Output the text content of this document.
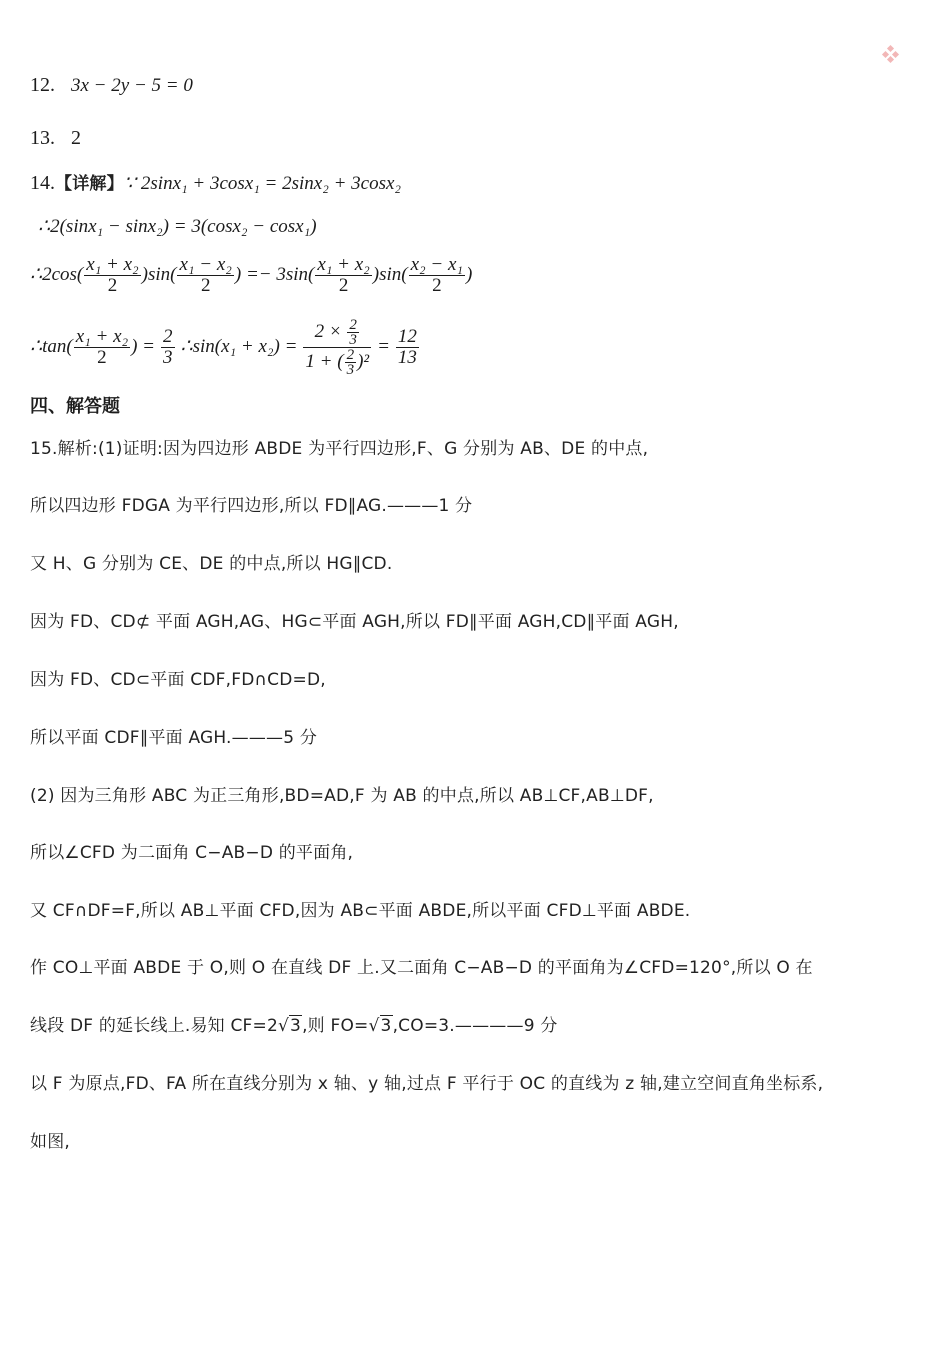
12. 3x − 2y − 5 = 0
13. 2
14.【详解】∵ 2sinx₁ + 3cosx₁ = 2sinx₂ + 3cosx₂
∴2(sinx₁ − sinx₂) = 3(cosx₂ − cosx₁)
∴2cos( $\frac{\text{x₁ + x₂}}{2} )\sin( \frac{\text{x₁ − x₂}}{2}$ ) =− $3\sin( \frac{\text{x₁ + x₂}}{2} )\sin( \frac{\text{x₂ − x₁}}{2}$ )
∴tan( $\frac{\text{x₁ + x₂}}{2}$ ) = $\frac{2}{3}$ ∴sin(x₁ + $x_2) = \frac{2 \times \frac{2}{3}}{1 + ( \frac{2}{3} )^2} = \frac{12}{13}$
四、解答题
15.解析:(1)证明:因为四边形 ABDE 为平行四边形,F、G 分别为 AB、DE 的中点,
所以四边形 FDGA 为平行四边形,所以 FD∥AG.———1 分
又 H、G 分别为 CE、DE 的中点,所以 HG∥CD.
因为 FD、CD⊄ 平面 AGH,AG、HG⊂平面 AGH,所以 FD∥平面 AGH,CD∥平面 AGH,
因为 FD、CD⊂平面 CDF,FD∩CD=D,
所以平面 CDF∥平面 AGH.———5 分
(2) 因为三角形 ABC 为正三角形,BD=AD,F 为 AB 的中点,所以 AB⊥CF,AB⊥DF,
所以∠CFD 为二面角 C−AB−D 的平面角,
又 CF∩DF=F,所以 AB⊥平面 CFD,因为 AB⊂平面 ABDE,所以平面 CFD⊥平面 ABDE.
作 CO⊥平面 ABDE 于 O,则 O 在直线 DF 上.又二面角 C−AB−D 的平面角为∠CFD=120°,所以 O 在
线段 DF 的延长线上.易知 CF=2√3,则 FO=√3,CO=3.————9 分
以 F 为原点,FD、FA 所在直线分别为 x 轴、y 轴,过点 F 平行于 OC 的直线为 z 轴,建立空间直角坐标系,
如图,
